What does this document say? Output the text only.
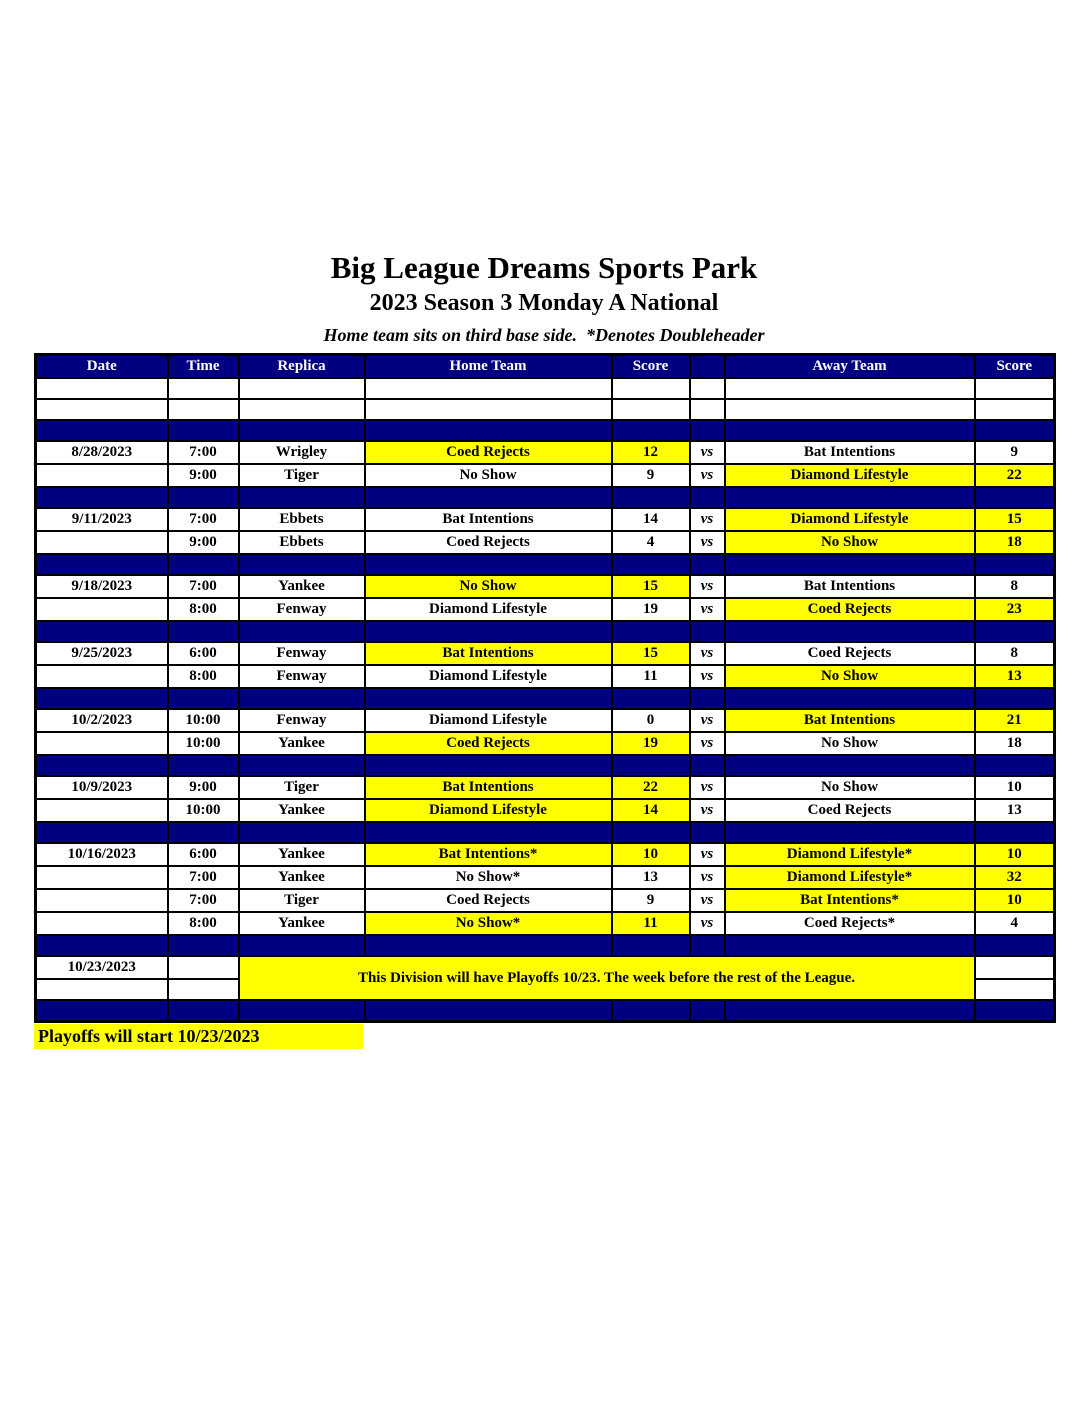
Big League Dreams Sports Park
2023 Season 3 Monday A National
Home team sits on third base side.  *Denotes Doubleheader
Date	Time	Replica	Home Team	Score		Away Team	Score

8/28/2023	7:00	Wrigley	Coed Rejects	12	vs	Bat Intentions	9
	9:00	Tiger	No Show	9	vs	Diamond Lifestyle	22

9/11/2023	7:00	Ebbets	Bat Intentions	14	vs	Diamond Lifestyle	15
	9:00	Ebbets	Coed Rejects	4	vs	No Show	18

9/18/2023	7:00	Yankee	No Show	15	vs	Bat Intentions	8
	8:00	Fenway	Diamond Lifestyle	19	vs	Coed Rejects	23

9/25/2023	6:00	Fenway	Bat Intentions	15	vs	Coed Rejects	8
	8:00	Fenway	Diamond Lifestyle	11	vs	No Show	13

10/2/2023	10:00	Fenway	Diamond Lifestyle	0	vs	Bat Intentions	21
	10:00	Yankee	Coed Rejects	19	vs	No Show	18

10/9/2023	9:00	Tiger	Bat Intentions	22	vs	No Show	10
	10:00	Yankee	Diamond Lifestyle	14	vs	Coed Rejects	13

10/16/2023	6:00	Yankee	Bat Intentions*	10	vs	Diamond Lifestyle*	10
	7:00	Yankee	No Show*	13	vs	Diamond Lifestyle*	32
	7:00	Tiger	Coed Rejects	9	vs	Bat Intentions*	10
	8:00	Yankee	No Show*	11	vs	Coed Rejects*	4

10/23/2023		This Division will have Playoffs 10/23. The week before the rest of the League.					

Playoffs will start 10/23/2023
